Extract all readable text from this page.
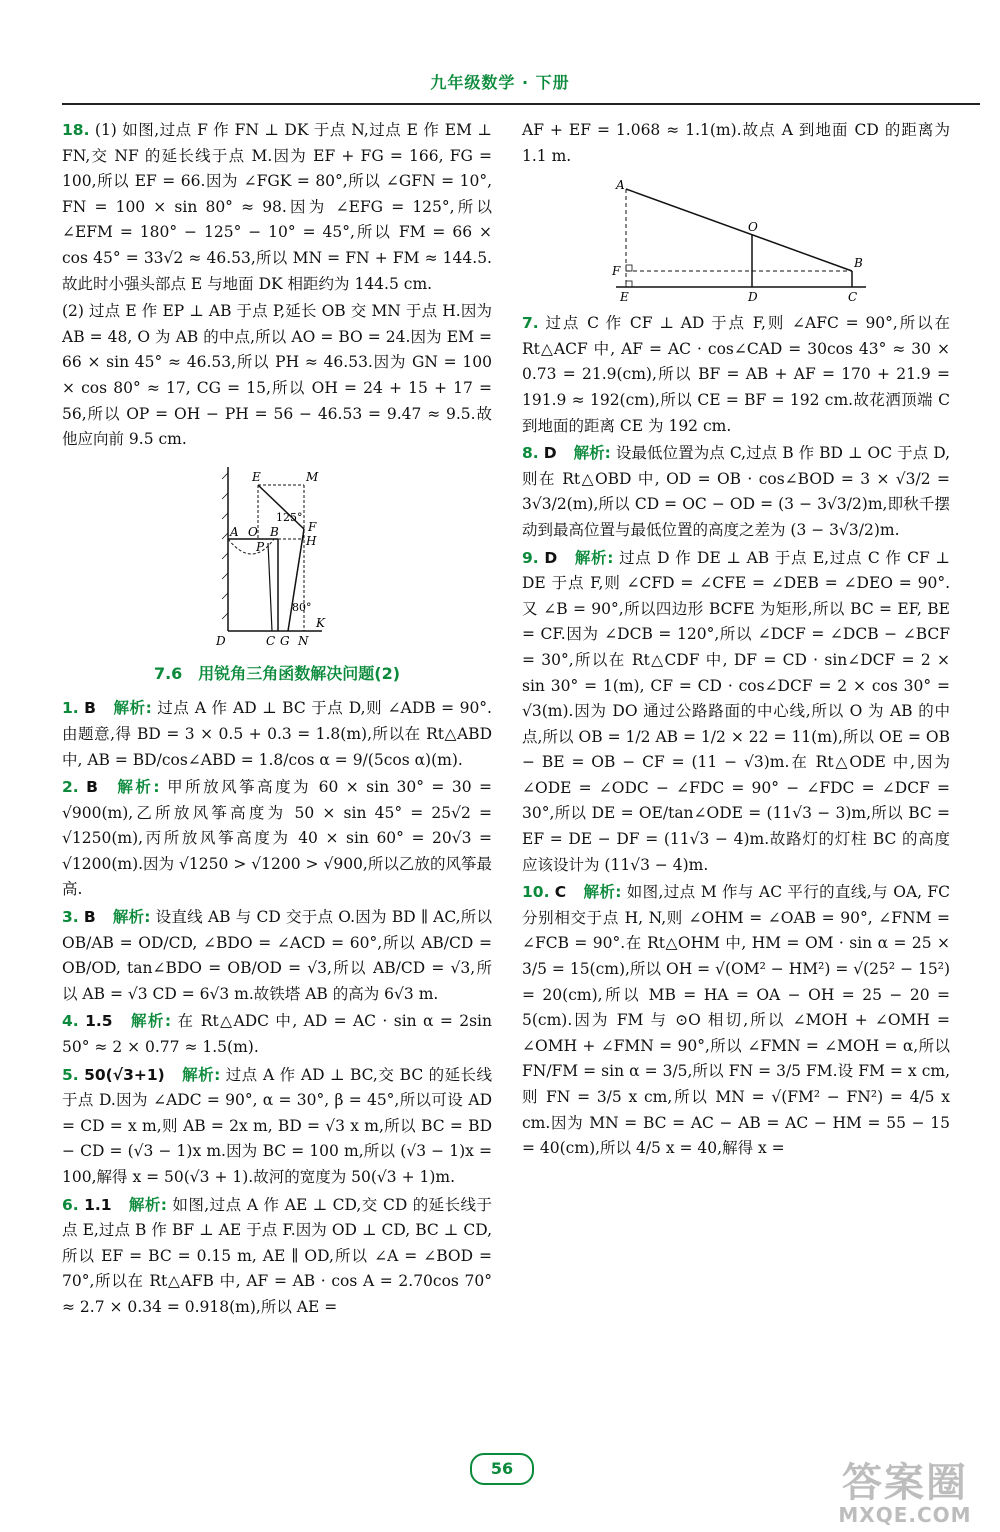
九年级数学 · 下册
18. (1) 如图,过点 F 作 FN ⊥ DK 于点 N,过点 E 作 EM ⊥ FN,交 NF 的延长线于点 M.因为 EF + FG = 166, FG = 100,所以 EF = 66.因为 ∠FGK = 80°,所以 ∠GFN = 10°, FN = 100 × sin 80° ≈ 98.因为 ∠EFG = 125°,所以 ∠EFM = 180° − 125° − 10° = 45°,所以 FM = 66 × cos 45° = 33√2 ≈ 46.53,所以 MN = FN + FM ≈ 144.5.故此时小强头部点 E 与地面 DK 相距约为 144.5 cm.
(2) 过点 E 作 EP ⊥ AB 于点 P,延长 OB 交 MN 于点 H.因为 AB = 48, O 为 AB 的中点,所以 AO = BO = 24.因为 EM = 66 × sin 45° ≈ 46.53,所以 PH ≈ 46.53.因为 GN = 100 × cos 80° ≈ 17, CG = 15,所以 OH = 24 + 15 + 17 = 56,所以 OP = OH − PH = 56 − 46.53 = 9.47 ≈ 9.5.故他应向前 9.5 cm.
E	M
A O B
P
F
H
125°
80°
D	C G N
K
7.6　用锐角三角函数解决问题(2)
1. B 解析: 过点 A 作 AD ⊥ BC 于点 D,则 ∠ADB = 90°.由题意,得 BD = 3 × 0.5 + 0.3 = 1.8(m),所以在 Rt△ABD 中, AB = BD/cos∠ABD = 1.8/cos α = 9/(5cos α)(m).
2. B 解析: 甲所放风筝高度为 60 × sin 30° = 30 = √900(m),乙所放风筝高度为 50 × sin 45° = 25√2 = √1250(m),丙所放风筝高度为 40 × sin 60° = 20√3 = √1200(m).因为 √1250 > √1200 > √900,所以乙放的风筝最高.
3. B 解析: 设直线 AB 与 CD 交于点 O.因为 BD ∥ AC,所以 OB/AB = OD/CD, ∠BDO = ∠ACD = 60°,所以 AB/CD = OB/OD, tan∠BDO = OB/OD = √3,所以 AB/CD = √3,所以 AB = √3 CD = 6√3 m.故铁塔 AB 的高为 6√3 m.
4. 1.5 解析: 在 Rt△ADC 中, AD = AC · sin α = 2sin 50° ≈ 2 × 0.77 ≈ 1.5(m).
5. 50(√3+1) 解析: 过点 A 作 AD ⊥ BC,交 BC 的延长线于点 D.因为 ∠ADC = 90°, α = 30°, β = 45°,所以可设 AD = CD = x m,则 AB = 2x m, BD = √3 x m,所以 BC = BD − CD = (√3 − 1)x m.因为 BC = 100 m,所以 (√3 − 1)x = 100,解得 x = 50(√3 + 1).故河的宽度为 50(√3 + 1)m.
6. 1.1 解析: 如图,过点 A 作 AE ⊥ CD,交 CD 的延长线于点 E,过点 B 作 BF ⊥ AE 于点 F.因为 OD ⊥ CD, BC ⊥ CD,所以 EF = BC = 0.15 m, AE ∥ OD,所以 ∠A = ∠BOD = 70°,所以在 Rt△AFB 中, AF = AB · cos A = 2.70cos 70° ≈ 2.7 × 0.34 = 0.918(m),所以 AE =
AF + EF = 1.068 ≈ 1.1(m).故点 A 到地面 CD 的距离为 1.1 m.
A
O
B
F
E	D	C
7. 过点 C 作 CF ⊥ AD 于点 F,则 ∠AFC = 90°,所以在 Rt△ACF 中, AF = AC · cos∠CAD = 30cos 43° ≈ 30 × 0.73 = 21.9(cm),所以 BF = AB + AF = 170 + 21.9 = 191.9 ≈ 192(cm),所以 CE = BF = 192 cm.故花洒顶端 C 到地面的距离 CE 为 192 cm.
8. D 解析: 设最低位置为点 C,过点 B 作 BD ⊥ OC 于点 D,则在 Rt△OBD 中, OD = OB · cos∠BOD = 3 × √3/2 = 3√3/2(m),所以 CD = OC − OD = (3 − 3√3/2)m,即秋千摆动到最高位置与最低位置的高度之差为 (3 − 3√3/2)m.
9. D 解析: 过点 D 作 DE ⊥ AB 于点 E,过点 C 作 CF ⊥ DE 于点 F,则 ∠CFD = ∠CFE = ∠DEB = ∠DEO = 90°.又 ∠B = 90°,所以四边形 BCFE 为矩形,所以 BC = EF, BE = CF.因为 ∠DCB = 120°,所以 ∠DCF = ∠DCB − ∠BCF = 30°,所以在 Rt△CDF 中, DF = CD · sin∠DCF = 2 × sin 30° = 1(m), CF = CD · cos∠DCF = 2 × cos 30° = √3(m).因为 DO 通过公路路面的中心线,所以 O 为 AB 的中点,所以 OB = 1/2 AB = 1/2 × 22 = 11(m),所以 OE = OB − BE = OB − CF = (11 − √3)m.在 Rt△ODE 中,因为 ∠ODE = ∠ODC − ∠FDC = 90° − ∠FDC = ∠DCF = 30°,所以 DE = OE/tan∠ODE = (11√3 − 3)m,所以 BC = EF = DE − DF = (11√3 − 4)m.故路灯的灯柱 BC 的高度应该设计为 (11√3 − 4)m.
10. C 解析: 如图,过点 M 作与 AC 平行的直线,与 OA, FC 分别相交于点 H, N,则 ∠OHM = ∠OAB = 90°, ∠FNM = ∠FCB = 90°.在 Rt△OHM 中, HM = OM · sin α = 25 × 3/5 = 15(cm),所以 OH = √(OM² − HM²) = √(25² − 15²) = 20(cm),所以 MB = HA = OA − OH = 25 − 20 = 5(cm).因为 FM 与 ⊙O 相切,所以 ∠MOH + ∠OMH = ∠OMH + ∠FMN = 90°,所以 ∠FMN = ∠MOH = α,所以 FN/FM = sin α = 3/5,所以 FN = 3/5 FM.设 FM = x cm,则 FN = 3/5 x cm,所以 MN = √(FM² − FN²) = 4/5 x cm.因为 MN = BC = AC − AB = AC − HM = 55 − 15 = 40(cm),所以 4/5 x = 40,解得 x =
56	答案圈
MXQE.COM
